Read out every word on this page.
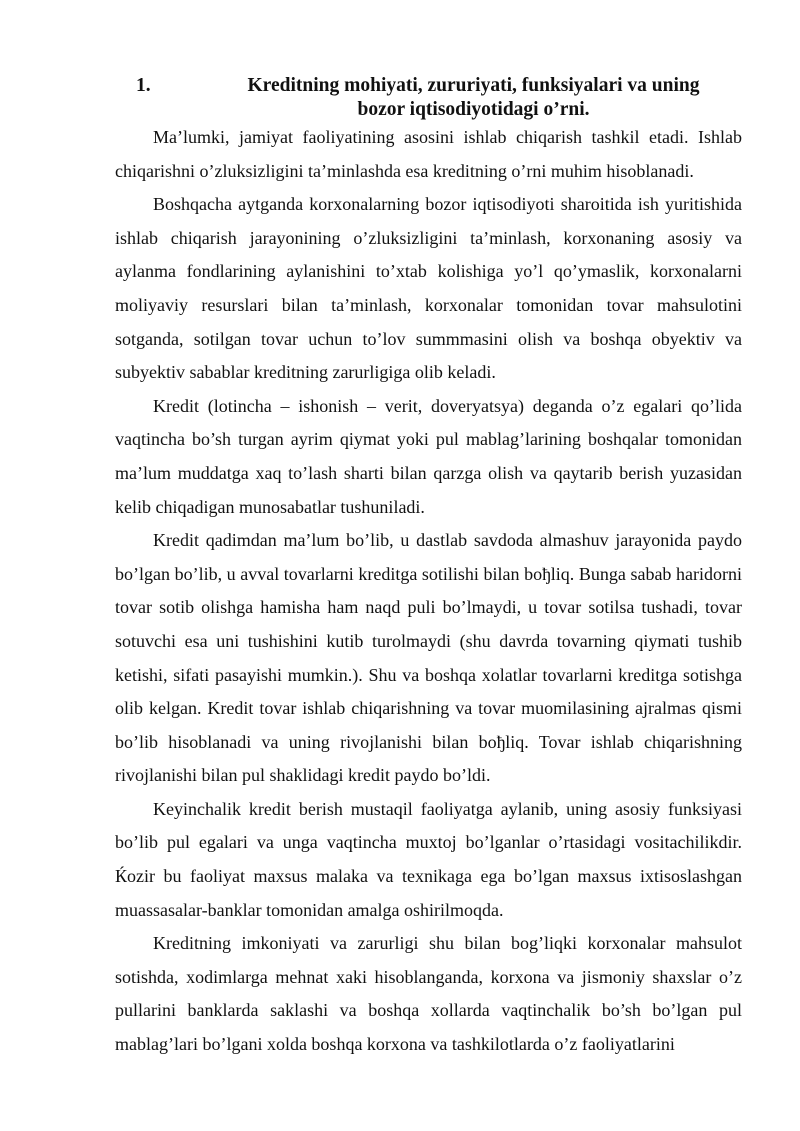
1.	Kreditning mohiyati, zururiyati, funksiyalari va uning bozor iqtisodiyotidagi o’rni.

Ma’lumki, jamiyat faoliyatining asosini ishlab chiqarish tashkil etadi. Ishlab chiqarishni o’zluksizligini ta’minlashda esa kreditning o’rni muhim hisoblanadi.

Boshqacha aytganda korxonalarning bozor iqtisodiyoti sharoitida ish yuritishida ishlab chiqarish jarayonining o’zluksizligini ta’minlash, korxonaning asosiy va aylanma fondlarining aylanishini to’xtab kolishiga yo’l qo’ymaslik, korxonalarni moliyaviy resurslari bilan ta’minlash, korxonalar tomonidan tovar mahsulotini sotganda, sotilgan tovar uchun to’lov summmasini olish va boshqa obyektiv va subyektiv sabablar kreditning zarurligiga olib keladi.

Kredit (lotincha – ishonish – verit, doveryatsya) deganda o’z egalari qo’lida vaqtincha bo’sh turgan ayrim qiymat yoki pul mablag’larining boshqalar tomonidan ma’lum muddatga xaq to’lash sharti bilan qarzga olish va qaytarib berish yuzasidan kelib chiqadigan munosabatlar tushuniladi.

Kredit qadimdan ma’lum bo’lib, u dastlab savdoda almashuv jarayonida paydo bo’lgan bo’lib, u avval tovarlarni kreditga sotilishi bilan boђliq. Bunga sabab haridorni tovar sotib olishga hamisha ham naqd puli bo’lmaydi, u tovar sotilsa tushadi, tovar sotuvchi esa uni tushishini kutib turolmaydi (shu davrda tovarning qiymati tushib ketishi, sifati pasayishi mumkin.). Shu va boshqa xolatlar tovarlarni kreditga sotishga olib kelgan. Kredit tovar ishlab chiqarishning va tovar muomilasining ajralmas qismi bo’lib hisoblanadi va uning rivojlanishi bilan boђliq. Tovar ishlab chiqarishning rivojlanishi bilan pul shaklidagi kredit paydo bo’ldi.

Keyinchalik kredit berish mustaqil faoliyatga aylanib, uning asosiy funksiyasi bo’lib pul egalari va unga vaqtincha muxtoj bo’lganlar o’rtasidagi vositachilikdir. Ќozir bu faoliyat maxsus malaka va texnikaga ega bo’lgan maxsus ixtisoslashgan muassasalar-banklar tomonidan amalga oshirilmoqda.

Kreditning imkoniyati va zarurligi shu bilan bog’liqki korxonalar mahsulot sotishda, xodimlarga mehnat xaki hisoblanganda, korxona va jismoniy shaxslar o’z pullarini banklarda saklashi va boshqa xollarda vaqtinchalik bo’sh bo’lgan pul mablag’lari bo’lgani xolda boshqa korxona va tashkilotlarda o’z faoliyatlarini
